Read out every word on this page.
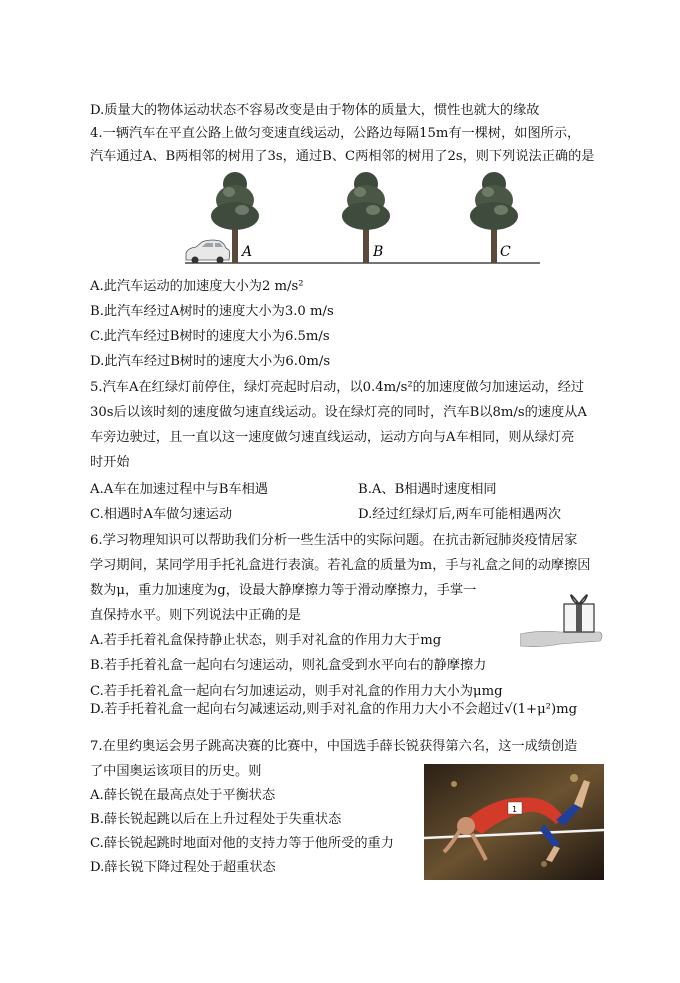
D.质量大的物体运动状态不容易改变是由于物体的质量大，惯性也就大的缘故
4.一辆汽车在平直公路上做匀变速直线运动，公路边每隔15m有一棵树，如图所示，
汽车通过A、B两相邻的树用了3s，通过B、C两相邻的树用了2s，则下列说法正确的是
A	B	C
A.此汽车运动的加速度大小为2 m/s²
B.此汽车经过A树时的速度大小为3.0 m/s
C.此汽车经过B树时的速度大小为6.5m/s
D.此汽车经过B树时的速度大小为6.0m/s
5.汽车A在红绿灯前停住，绿灯亮起时启动，以0.4m/s²的加速度做匀加速运动，经过
30s后以该时刻的速度做匀速直线运动。设在绿灯亮的同时，汽车B以8m/s的速度从A
车旁边驶过，且一直以这一速度做匀速直线运动，运动方向与A车相同，则从绿灯亮
时开始
A.A车在加速过程中与B车相遇	B.A、B相遇时速度相同
C.相遇时A车做匀速运动	D.经过红绿灯后,两车可能相遇两次
6.学习物理知识可以帮助我们分析一些生活中的实际问题。在抗击新冠肺炎疫情居家
学习期间，某同学用手托礼盒进行表演。若礼盒的质量为m，手与礼盒之间的动摩擦因
数为μ，重力加速度为g，设最大静摩擦力等于滑动摩擦力，手掌一
直保持水平。则下列说法中正确的是
A.若手托着礼盒保持静止状态，则手对礼盒的作用力大于mg
B.若手托着礼盒一起向右匀速运动，则礼盒受到水平向右的静摩擦力
C.若手托着礼盒一起向右匀加速运动，则手对礼盒的作用力大小为μmg
D.若手托着礼盒一起向右匀减速运动,则手对礼盒的作用力大小不会超过√(1+μ²)mg
7.在里约奥运会男子跳高决赛的比赛中，中国选手薛长锐获得第六名，这一成绩创造
了中国奥运该项目的历史。则
A.薛长锐在最高点处于平衡状态
B.薛长锐起跳以后在上升过程处于失重状态
C.薛长锐起跳时地面对他的支持力等于他所受的重力
D.薛长锐下降过程处于超重状态
1
